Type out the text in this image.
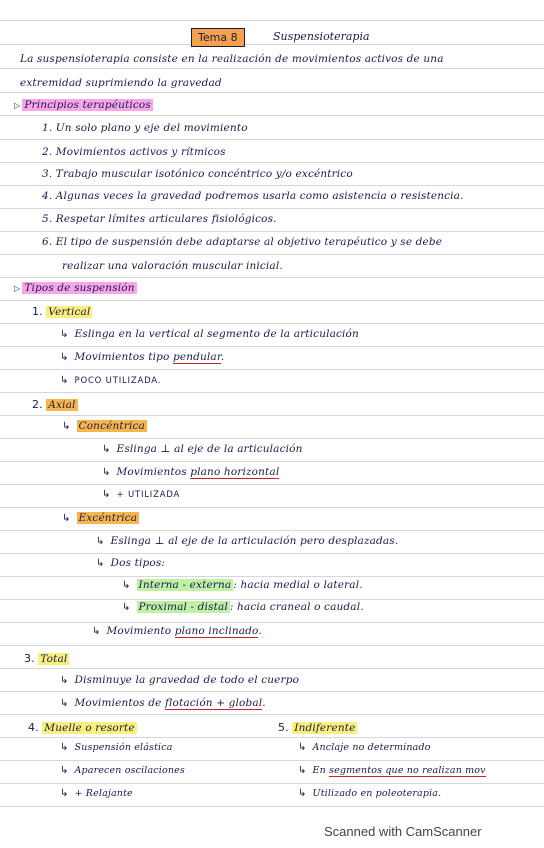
Tema 8	Suspensioterapia
La suspensioterapia consiste en la realización de movimientos activos de una
extremidad suprimiendo la gravedad
▷ Principios terapéuticos
1. Un solo plano y eje del movimiento
2. Movimientos activos y rítmicos
3. Trabajo muscular isotónico concéntrico y/o excéntrico
4. Algunas veces la gravedad podremos usarla como asistencia o resistencia.
5. Respetar límites articulares fisiológicos.
6. El tipo de suspensión debe adaptarse al objetivo terapéutico y se debe
realizar una valoración muscular inicial.
▷ Tipos de suspensión
1. Vertical
↳ Eslinga en la vertical al segmento de la articulación
↳ Movimientos tipo pendular.
↳ POCO UTILIZADA.
2. Axial
↳ Concéntrica
↳ Eslinga ⊥ al eje de la articulación
↳ Movimientos plano horizontal
↳ + UTILIZADA
↳ Excéntrica
↳ Eslinga ⊥ al eje de la articulación pero desplazadas.
↳ Dos tipos:
↳ Interna - externa : hacia medial o lateral.
↳ Proximal - distal : hacia craneal o caudal.
↳ Movimiento plano inclinado.
3. Total
↳ Disminuye la gravedad de todo el cuerpo
↳ Movimientos de flotación + global.
4. Muelle o resorte
↳ Suspensión elástica
↳ Aparecen oscilaciones
↳ + Relajante
5. Indiferente
↳ Anclaje no determinado
↳ En segmentos que no realizan mov
↳ Utilizado en poleoterapia.
Scanned with CamScanner
